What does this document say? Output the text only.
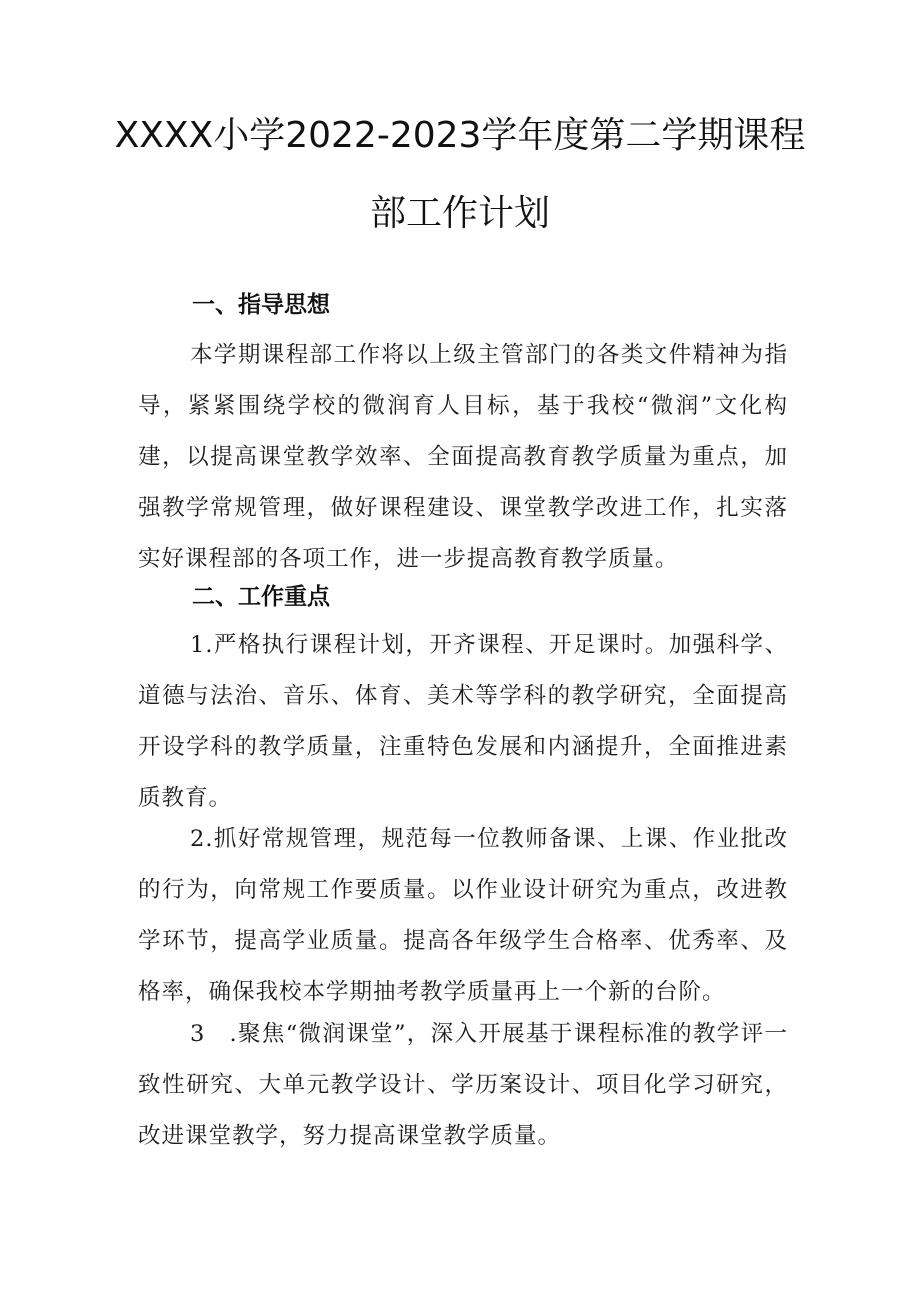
XXXX小学2022-2023学年度第二学期课程
部工作计划
一、指导思想

本学期课程部工作将以上级主管部门的各类文件精神为指导，紧紧围绕学校的微润育人目标，基于我校“微润”文化构建，以提高课堂教学效率、全面提高教育教学质量为重点，加强教学常规管理，做好课程建设、课堂教学改进工作，扎实落实好课程部的各项工作，进一步提高教育教学质量。

二、工作重点

1.严格执行课程计划，开齐课程、开足课时。加强科学、道德与法治、音乐、体育、美术等学科的教学研究，全面提高开设学科的教学质量，注重特色发展和内涵提升，全面推进素质教育。

2.抓好常规管理，规范每一位教师备课、上课、作业批改的行为，向常规工作要质量。以作业设计研究为重点，改进教学环节，提高学业质量。提高各年级学生合格率、优秀率、及格率，确保我校本学期抽考教学质量再上一个新的台阶。

3　.聚焦“微润课堂”，深入开展基于课程标准的教学评一致性研究、大单元教学设计、学历案设计、项目化学习研究，改进课堂教学，努力提高课堂教学质量。
